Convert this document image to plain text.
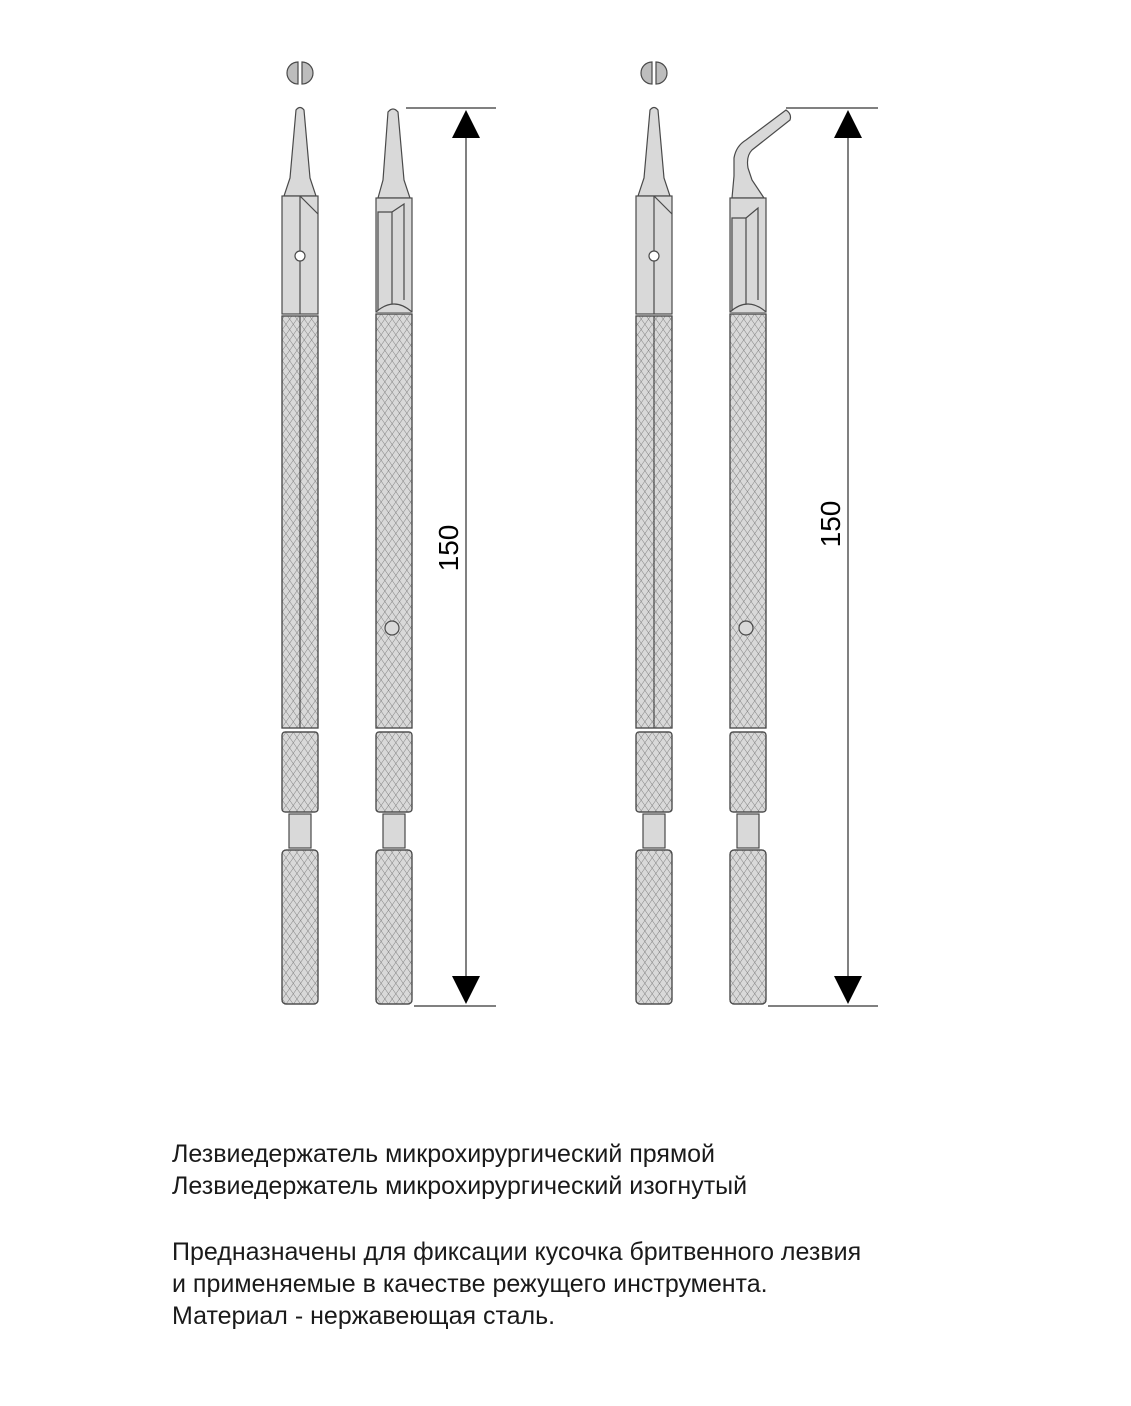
150
150

Лезвиедержатель микрохирургический прямой

Лезвиедержатель микрохирургический изогнутый

Предназначены для фиксации кусочка бритвенного лезвия

и применяемые в качестве режущего инструмента.

Материал - нержавеющая сталь.
